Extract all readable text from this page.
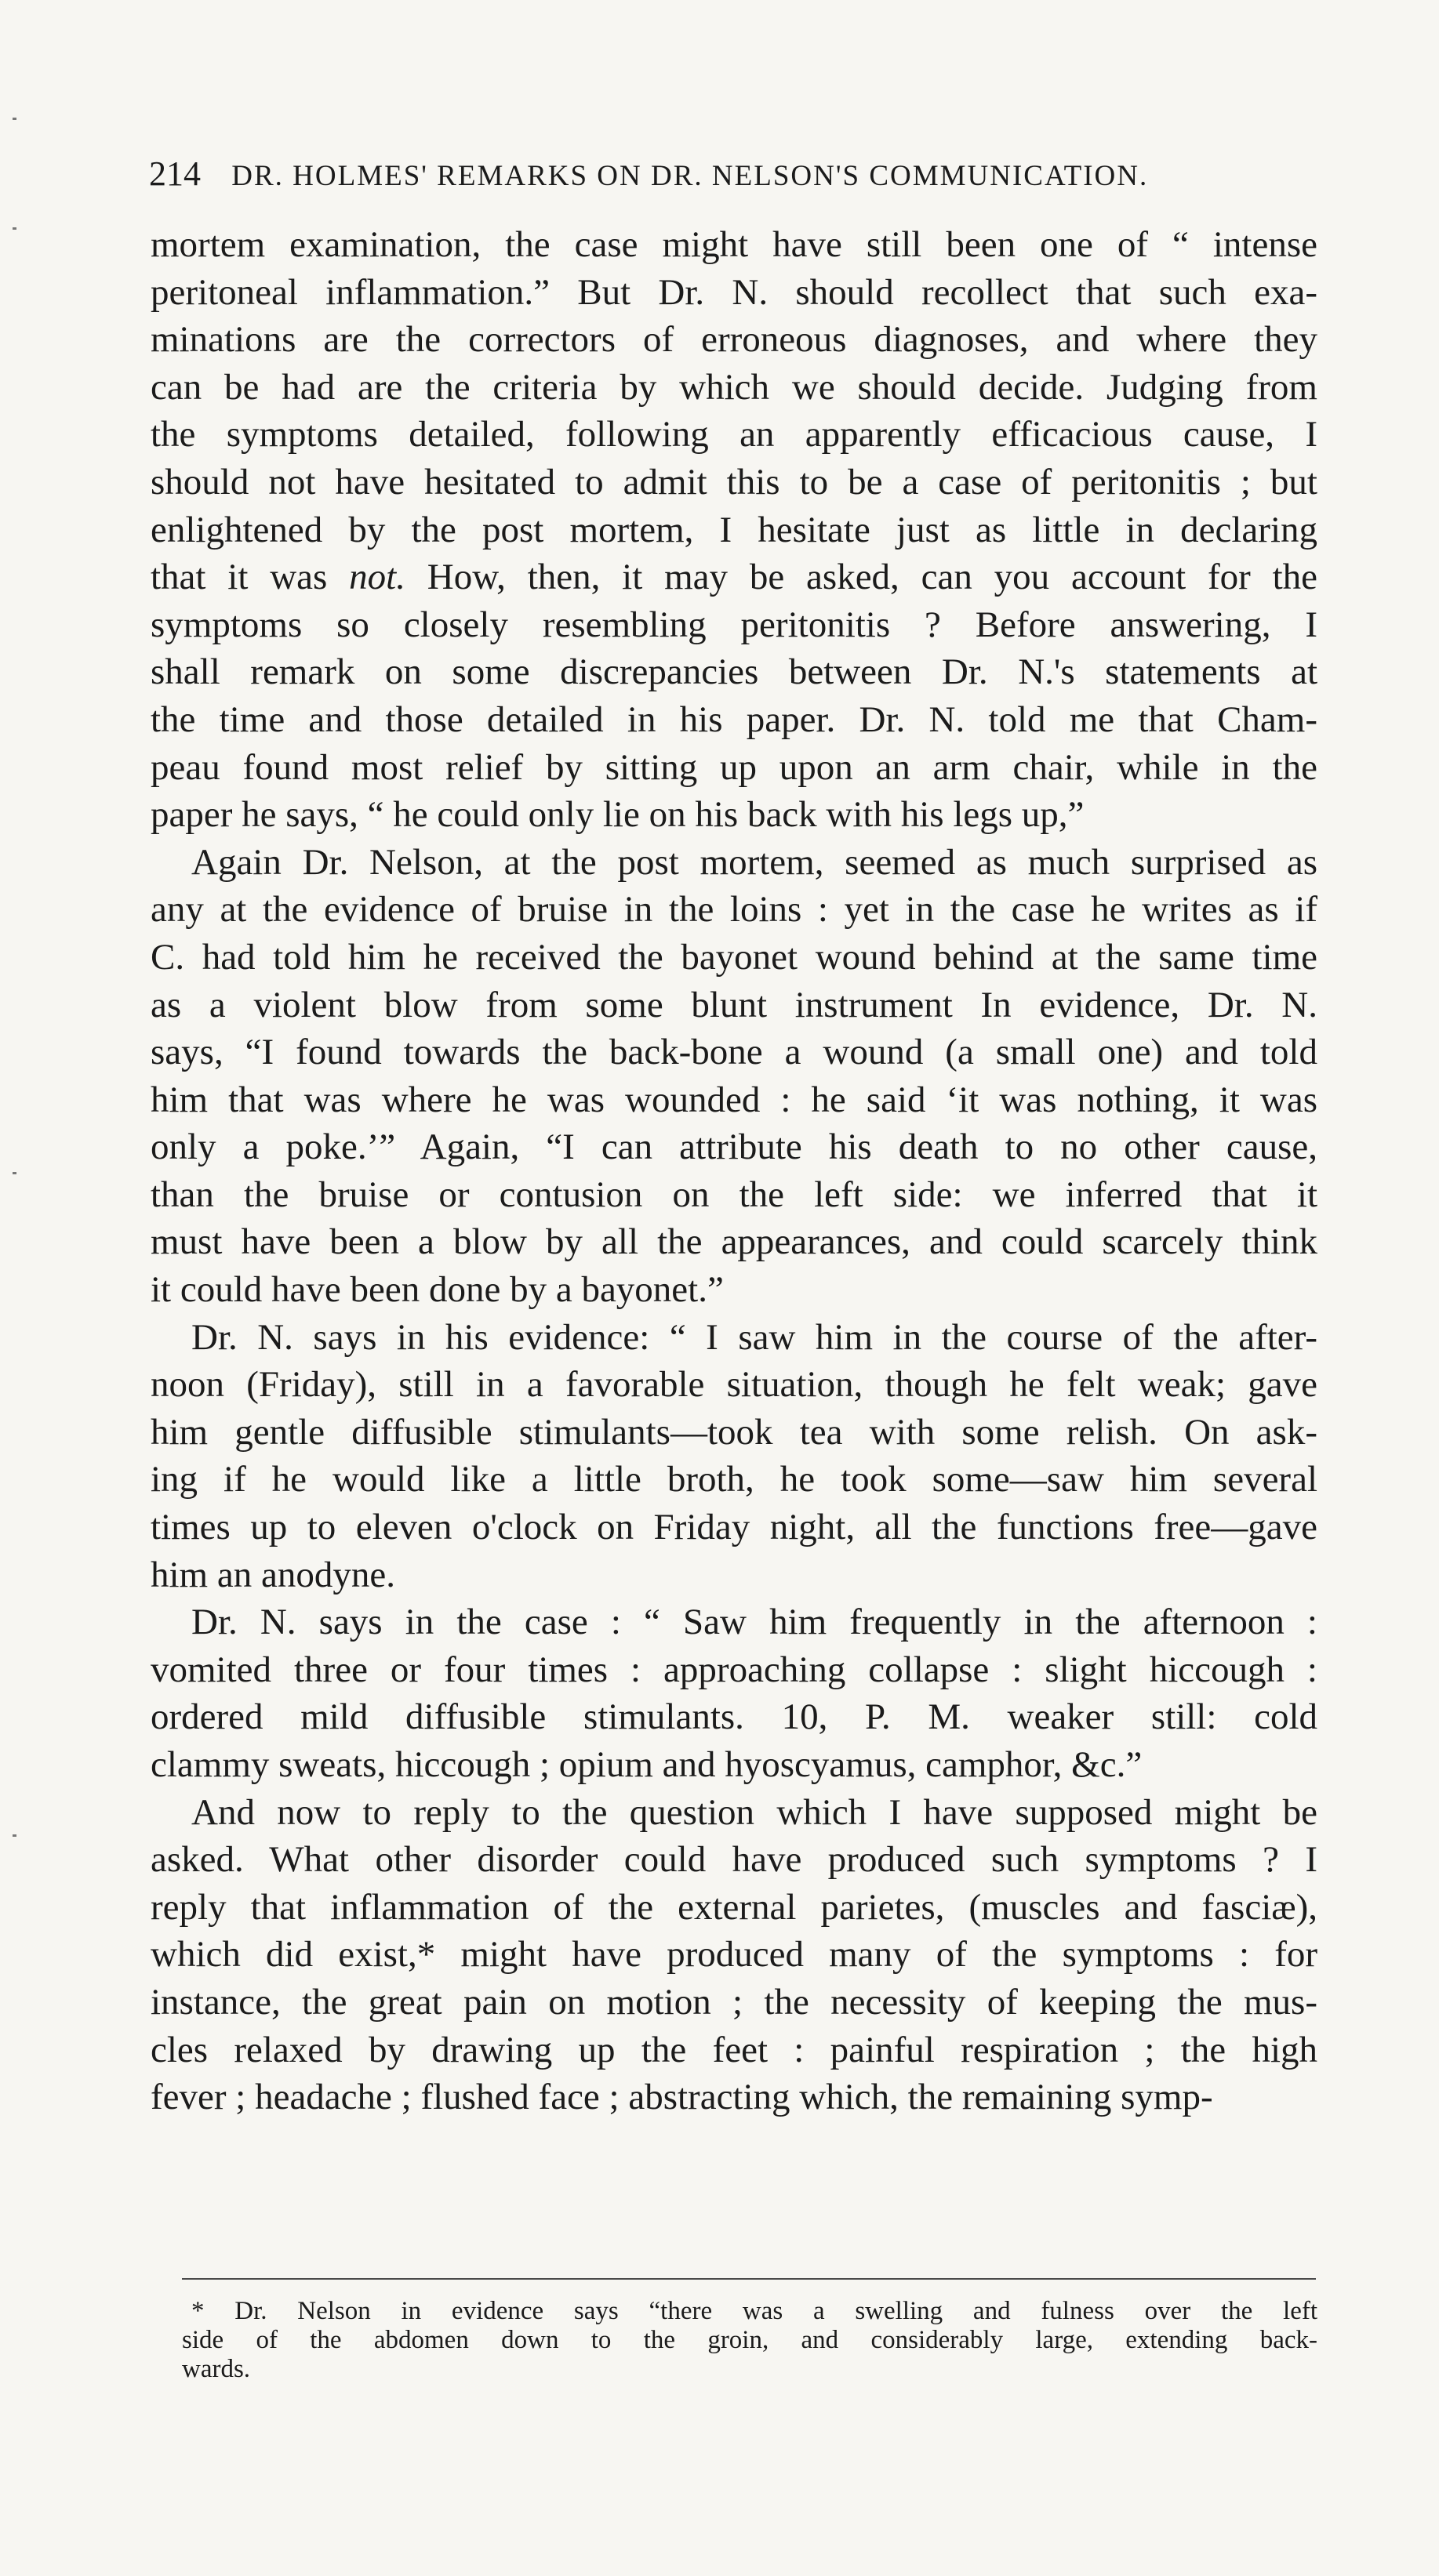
214 DR. HOLMES' REMARKS ON DR. NELSON'S COMMUNICATION.
mortem examination, the case might have still been one of “ intense
peritoneal inflammation.” But Dr. N. should recollect that such exa-
minations are the correctors of erroneous diagnoses, and where they
can be had are the criteria by which we should decide. Judging from
the symptoms detailed, following an apparently efficacious cause, I
should not have hesitated to admit this to be a case of peritonitis ; but
enlightened by the post mortem, I hesitate just as little in declaring
that it was not. How, then, it may be asked, can you account for the
symptoms so closely resembling peritonitis ? Before answering, I
shall remark on some discrepancies between Dr. N.'s statements at
the time and those detailed in his paper. Dr. N. told me that Cham-
peau found most relief by sitting up upon an arm chair, while in the
paper he says, “ he could only lie on his back with his legs up,”
Again Dr. Nelson, at the post mortem, seemed as much surprised as
any at the evidence of bruise in the loins : yet in the case he writes as if
C. had told him he received the bayonet wound behind at the same time
as a violent blow from some blunt instrument In evidence, Dr. N.
says, “I found towards the back-bone a wound (a small one) and told
him that was where he was wounded : he said ‘it was nothing, it was
only a poke.’” Again, “I can attribute his death to no other cause,
than the bruise or contusion on the left side: we inferred that it
must have been a blow by all the appearances, and could scarcely think
it could have been done by a bayonet.”
Dr. N. says in his evidence: “ I saw him in the course of the after-
noon (Friday), still in a favorable situation, though he felt weak; gave
him gentle diffusible stimulants—took tea with some relish. On ask-
ing if he would like a little broth, he took some—saw him several
times up to eleven o'clock on Friday night, all the functions free—gave
him an anodyne.
Dr. N. says in the case : “ Saw him frequently in the afternoon :
vomited three or four times : approaching collapse : slight hiccough :
ordered mild diffusible stimulants. 10, P. M. weaker still: cold
clammy sweats, hiccough ; opium and hyoscyamus, camphor, &c.”
And now to reply to the question which I have supposed might be
asked. What other disorder could have produced such symptoms ? I
reply that inflammation of the external parietes, (muscles and fasciæ),
which did exist,* might have produced many of the symptoms : for
instance, the great pain on motion ; the necessity of keeping the mus-
cles relaxed by drawing up the feet : painful respiration ; the high
fever ; headache ; flushed face ; abstracting which, the remaining symp-
* Dr. Nelson in evidence says “there was a swelling and fulness over the left
side of the abdomen down to the groin, and considerably large, extending back-
wards.
